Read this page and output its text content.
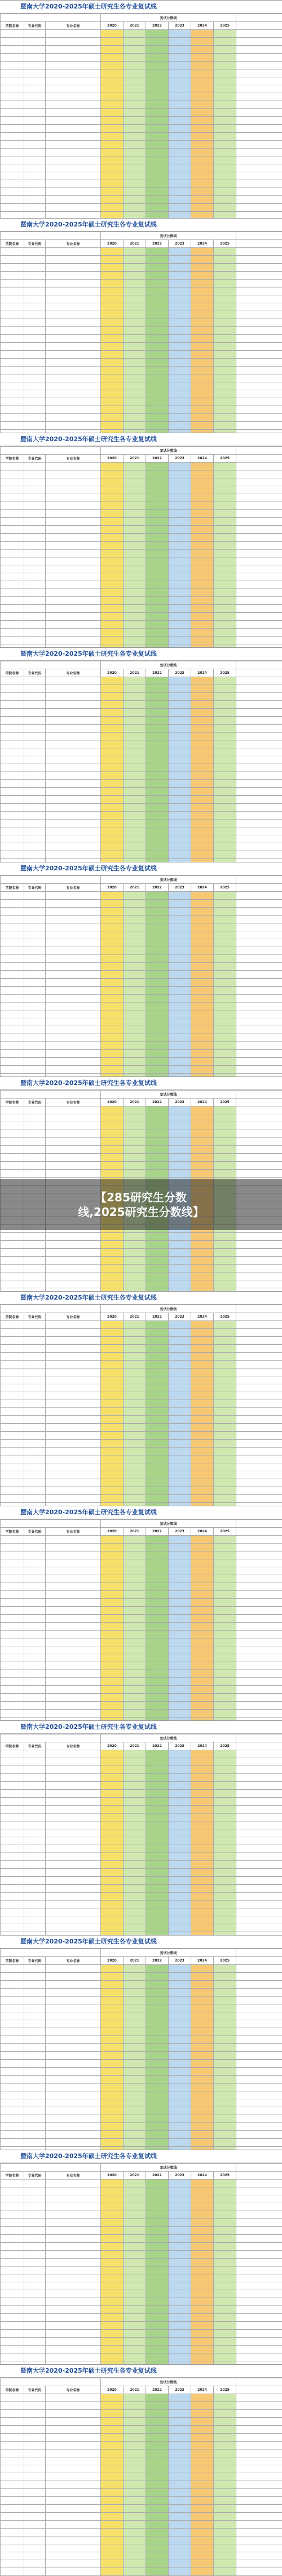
暨南大学2020-2025年硕士研究生各专业复试线
			复试分数线						
学院名称	专业代码	专业名称	2020	2021	2022	2023	2024	2025	

暨南大学2020-2025年硕士研究生各专业复试线
			复试分数线						
学院名称	专业代码	专业名称	2020	2021	2022	2023	2024	2025	

暨南大学2020-2025年硕士研究生各专业复试线
			复试分数线						
学院名称	专业代码	专业名称	2020	2021	2022	2023	2024	2025	

暨南大学2020-2025年硕士研究生各专业复试线
			复试分数线						
学院名称	专业代码	专业名称	2020	2021	2022	2023	2024	2025	

暨南大学2020-2025年硕士研究生各专业复试线
			复试分数线						
学院名称	专业代码	专业名称	2020	2021	2022	2023	2024	2025	

暨南大学2020-2025年硕士研究生各专业复试线
			复试分数线						
学院名称	专业代码	专业名称	2020	2021	2022	2023	2024	2025	

暨南大学2020-2025年硕士研究生各专业复试线
			复试分数线						
学院名称	专业代码	专业名称	2020	2021	2022	2023	2024	2025	

暨南大学2020-2025年硕士研究生各专业复试线
			复试分数线						
学院名称	专业代码	专业名称	2020	2021	2022	2023	2024	2025	

暨南大学2020-2025年硕士研究生各专业复试线
			复试分数线						
学院名称	专业代码	专业名称	2020	2021	2022	2023	2024	2025	

暨南大学2020-2025年硕士研究生各专业复试线
			复试分数线						
学院名称	专业代码	专业名称	2020	2021	2022	2023	2024	2025	

暨南大学2020-2025年硕士研究生各专业复试线
			复试分数线						
学院名称	专业代码	专业名称	2020	2021	2022	2023	2024	2025	

暨南大学2020-2025年硕士研究生各专业复试线
			复试分数线						
学院名称	专业代码	专业名称	2020	2021	2022	2023	2024	2025	

【285研究生分数线,2025研究生分数线】
